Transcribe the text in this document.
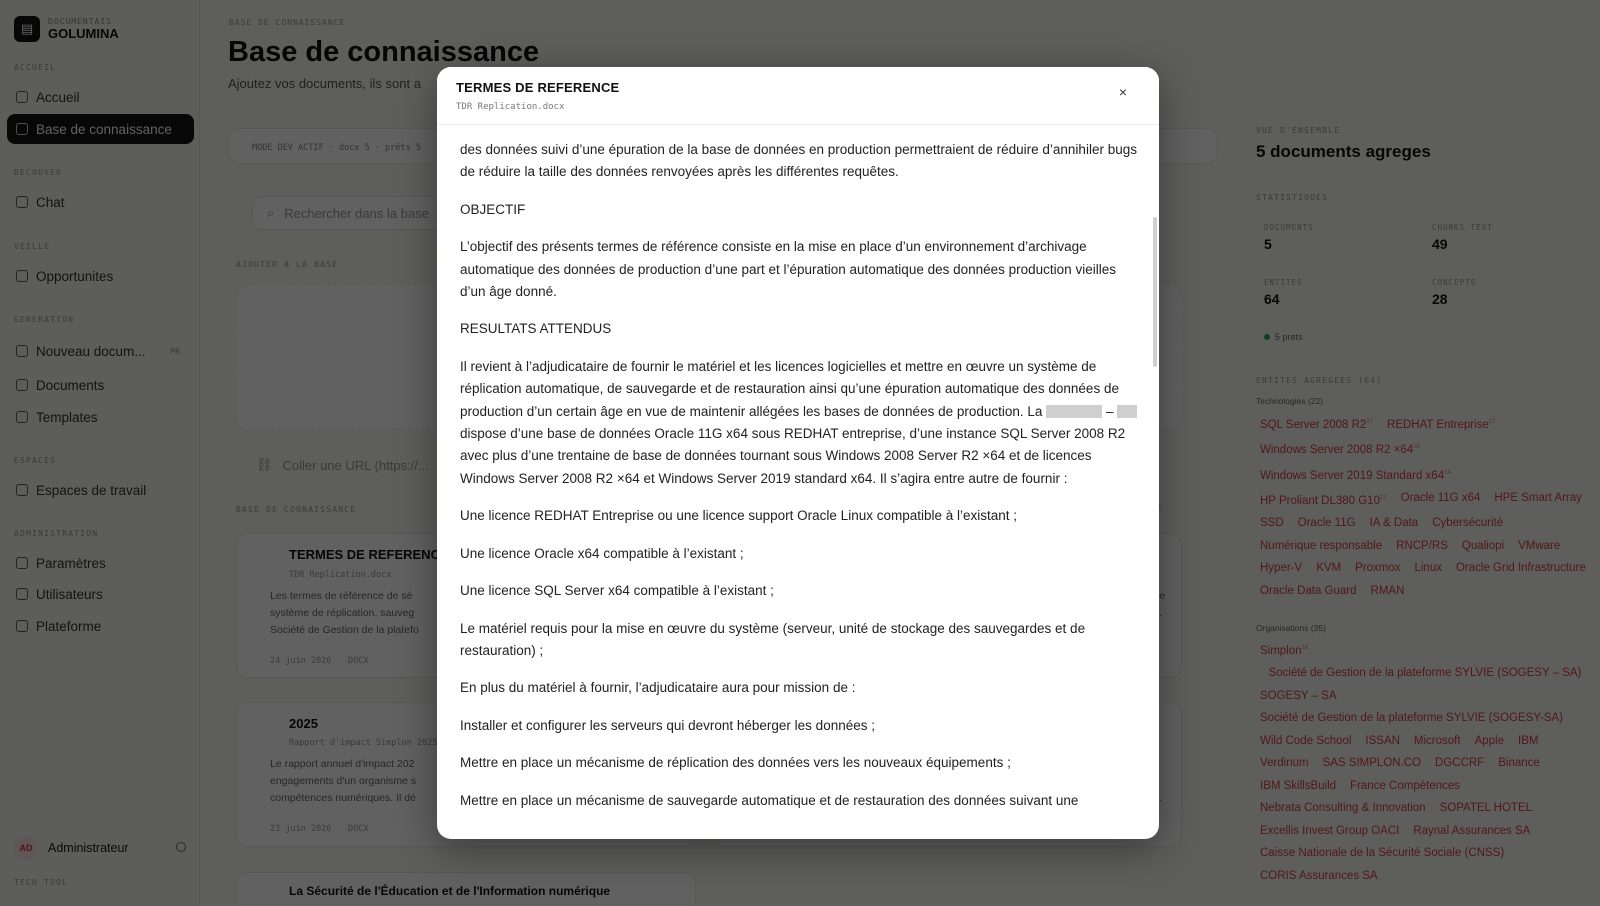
TERMES DE REFERENCE
TDR Replication.docx
×

des données suivi d’une épuration de la base de données en production permettraient de réduire d’annihiler bugs de réduire la taille des données renvoyées après les différentes requêtes.

OBJECTIF

L’objectif des présents termes de référence consiste en la mise en place d’un environnement d’archivage automatique des données de production d’une part et l’épuration automatique des données production vieilles d’un âge donné.

RESULTATS ATTENDUS

Il revient à l’adjudicataire de fournir le matériel et les licences logicielles et mettre en œuvre un système de réplication automatique, de sauvegarde et de restauration ainsi qu’une épuration automatique des données de production d’un certain âge en vue de maintenir allégées les bases de données de production. La	–  dispose d’une base de données Oracle 11G x64 sous REDHAT entreprise, d’une instance SQL Server 2008 R2 avec plus d’une trentaine de base de données tournant sous Windows 2008 Server R2 ×64 et de licences Windows Server 2008 R2 ×64 et Windows Server 2019 standard x64. Il s’agira entre autre de fournir :

Une licence REDHAT Entreprise ou une licence support Oracle Linux compatible à l’existant ;

Une licence Oracle x64 compatible à l’existant ;

Une licence SQL Server x64 compatible à l’existant ;

Le matériel requis pour la mise en œuvre du système (serveur, unité de stockage des sauvegardes et de restauration) ;

En plus du matériel à fournir, l’adjudicataire aura pour mission de :

Installer et configurer les serveurs qui devront héberger les données ;

Mettre en place un mécanisme de réplication des données vers les nouveaux équipements ;

Mettre en place un mécanisme de sauvegarde automatique et de restauration des données suivant une
